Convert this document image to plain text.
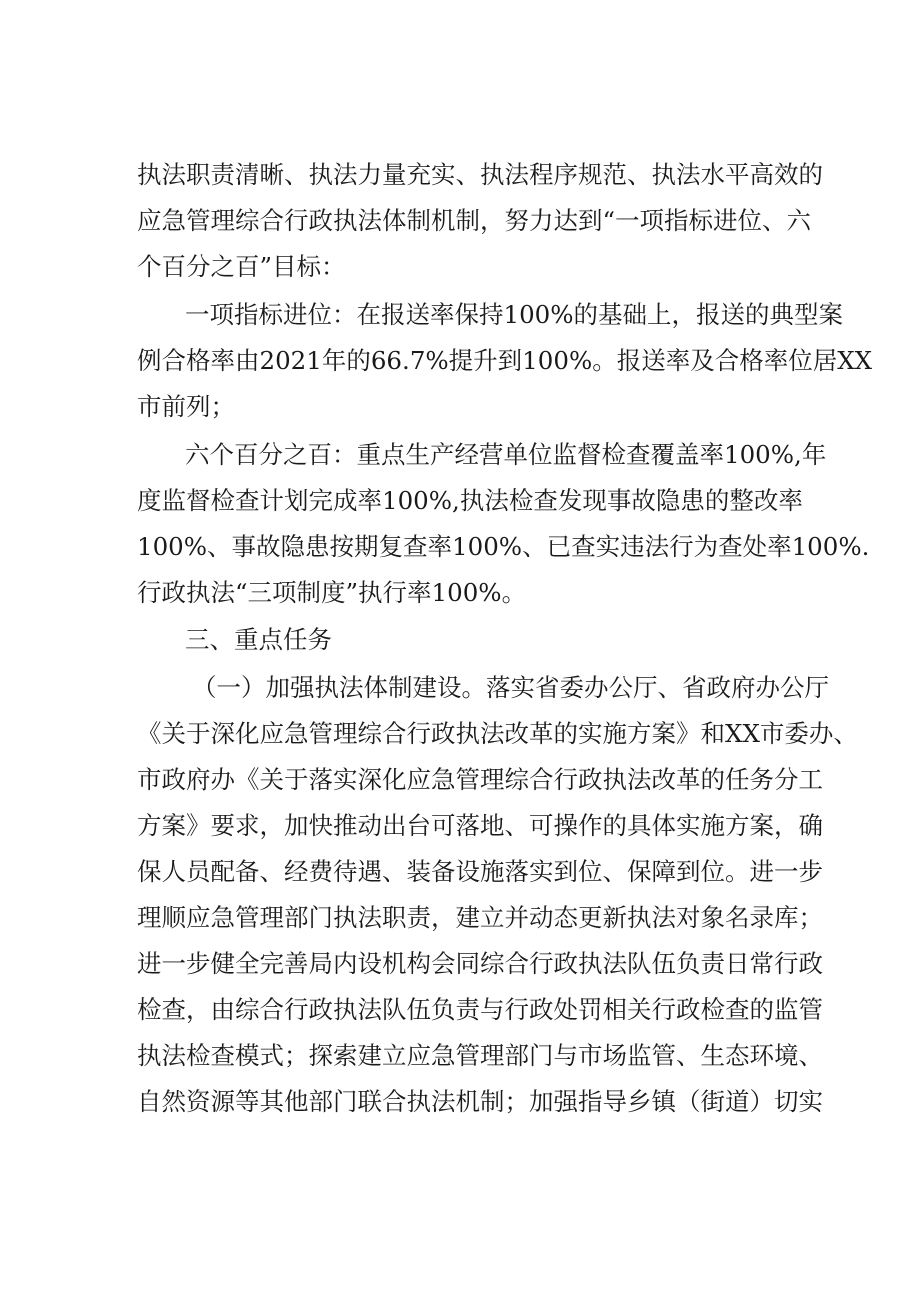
执法职责清晰、执法力量充实、执法程序规范、执法水平高效的
应急管理综合行政执法体制机制，努力达到“一项指标进位、六
个百分之百”目标：
一项指标进位：在报送率保持100%的基础上，报送的典型案
例合格率由2021年的66.7%提升到100%。报送率及合格率位居XX
市前列；
六个百分之百：重点生产经营单位监督检查覆盖率100%,年
度监督检查计划完成率100%,执法检查发现事故隐患的整改率
100%、事故隐患按期复查率100%、已查实违法行为查处率100%.
行政执法“三项制度”执行率100%。
三、重点任务
（一）加强执法体制建设。落实省委办公厅、省政府办公厅
《关于深化应急管理综合行政执法改革的实施方案》和XX市委办、
市政府办《关于落实深化应急管理综合行政执法改革的任务分工
方案》要求，加快推动出台可落地、可操作的具体实施方案，确
保人员配备、经费待遇、装备设施落实到位、保障到位。进一步
理顺应急管理部门执法职责，建立并动态更新执法对象名录库；
进一步健全完善局内设机构会同综合行政执法队伍负责日常行政
检查，由综合行政执法队伍负责与行政处罚相关行政检查的监管
执法检查模式；探索建立应急管理部门与市场监管、生态环境、
自然资源等其他部门联合执法机制；加强指导乡镇（街道）切实
